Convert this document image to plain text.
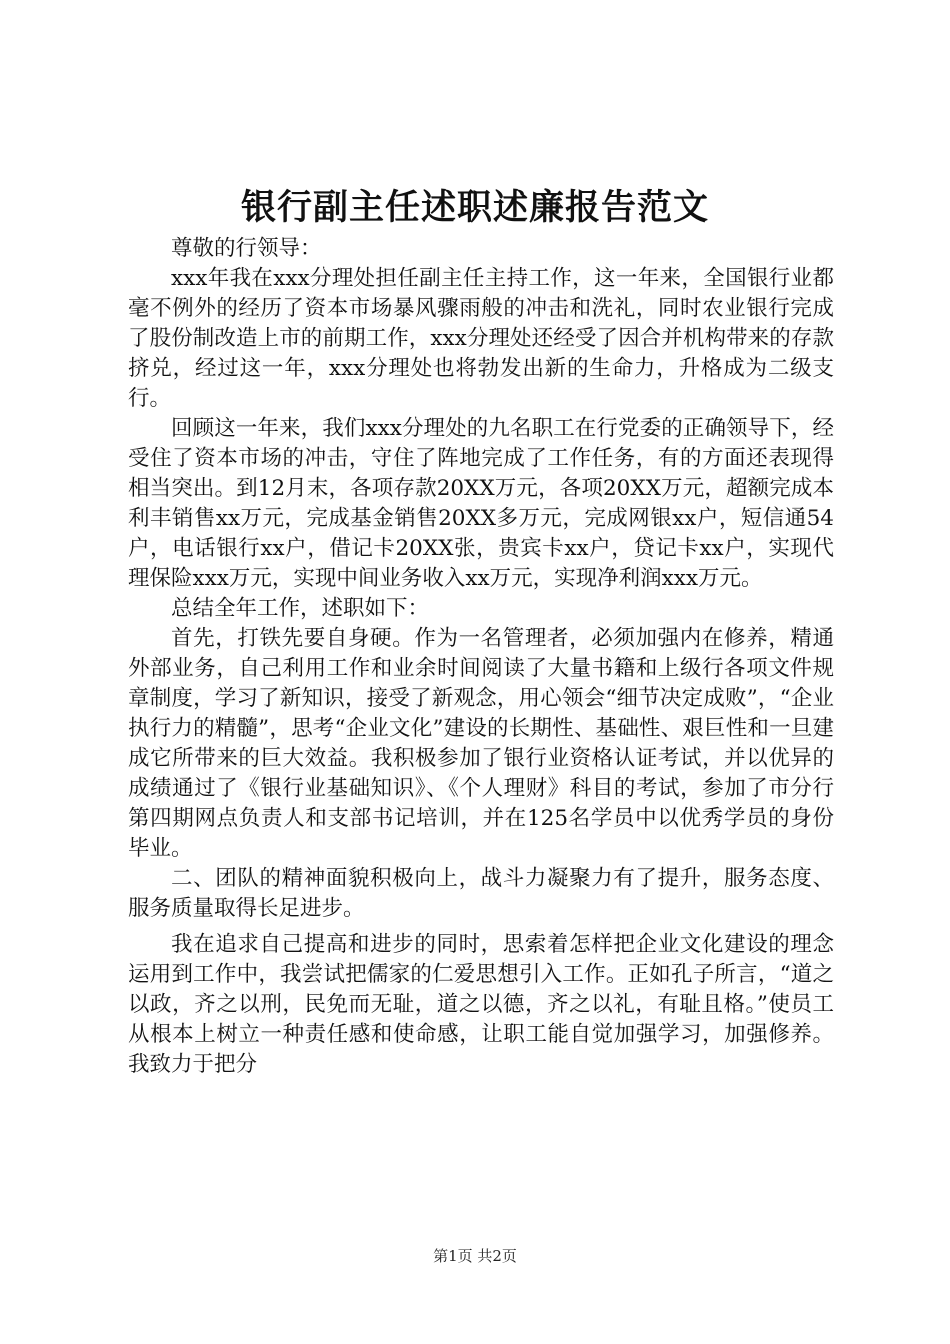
银行副主任述职述廉报告范文

尊敬的行领导：

xxx年我在xxx分理处担任副主任主持工作，这一年来，全国银行业都毫不例外的经历了资本市场暴风骤雨般的冲击和洗礼，同时农业银行完成了股份制改造上市的前期工作，xxx分理处还经受了因合并机构带来的存款挤兑，经过这一年，xxx分理处也将勃发出新的生命力，升格成为二级支行。

回顾这一年来，我们xxx分理处的九名职工在行党委的正确领导下，经受住了资本市场的冲击，守住了阵地完成了工作任务，有的方面还表现得相当突出。到12月末，各项存款20XX万元，各项20XX万元，超额完成本利丰销售xx万元，完成基金销售20XX多万元，完成网银xx户，短信通54户，电话银行xx户，借记卡20XX张，贵宾卡xx户，贷记卡xx户，实现代理保险xxx万元，实现中间业务收入xx万元，实现净利润xxx万元。

总结全年工作，述职如下：

首先，打铁先要自身硬。作为一名管理者，必须加强内在修养，精通外部业务，自己利用工作和业余时间阅读了大量书籍和上级行各项文件规章制度，学习了新知识，接受了新观念，用心领会“细节决定成败”，“企业执行力的精髓”，思考“企业文化”建设的长期性、基础性、艰巨性和一旦建成它所带来的巨大效益。我积极参加了银行业资格认证考试，并以优异的成绩通过了《银行业基础知识》、《个人理财》科目的考试，参加了市分行第四期网点负责人和支部书记培训，并在125名学员中以优秀学员的身份毕业。

二、团队的精神面貌积极向上，战斗力凝聚力有了提升，服务态度、服务质量取得长足进步。

我在追求自己提高和进步的同时，思索着怎样把企业文化建设的理念运用到工作中，我尝试把儒家的仁爱思想引入工作。正如孔子所言，“道之以政，齐之以刑，民免而无耻，道之以德，齐之以礼，有耻且格。”使员工从根本上树立一种责任感和使命感，让职工能自觉加强学习，加强修养。我致力于把分

第1页 共2页
